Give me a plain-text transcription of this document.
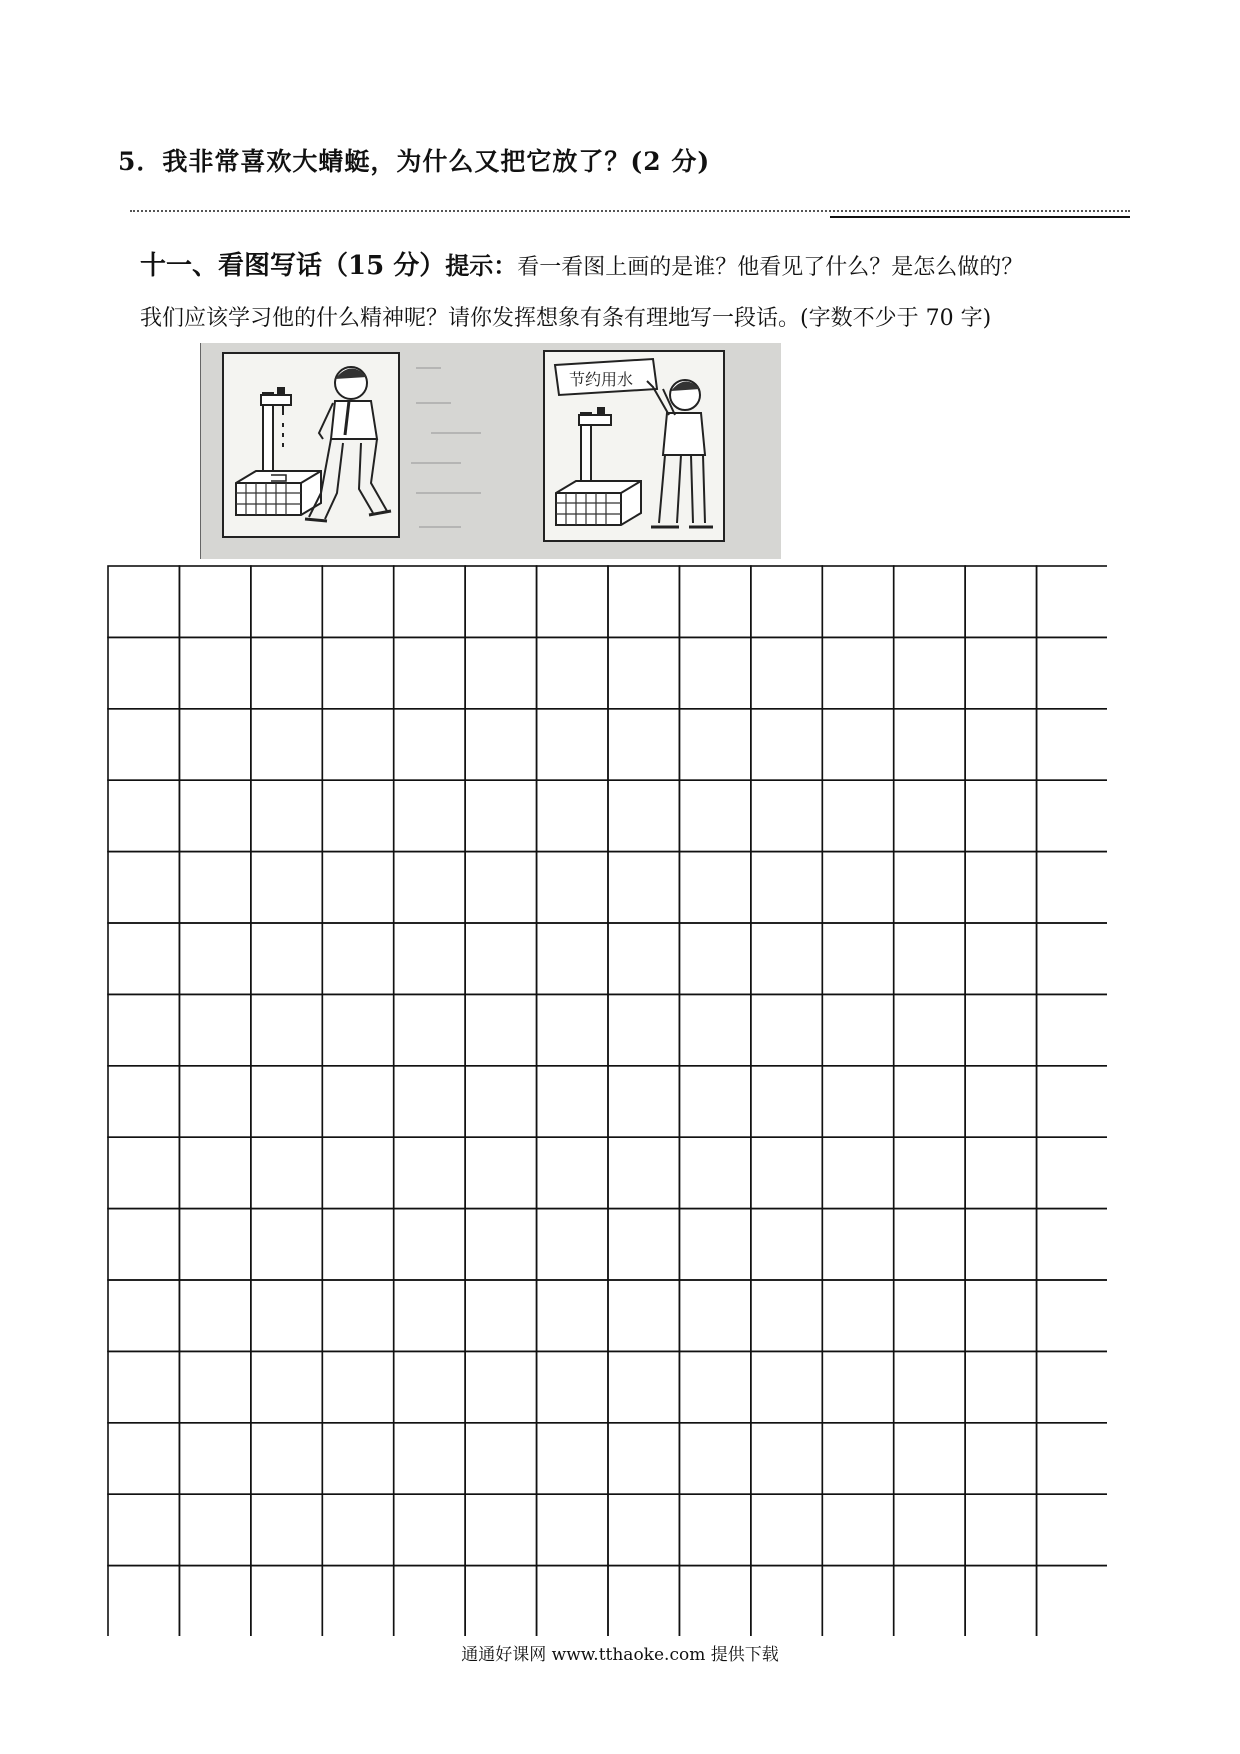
5．我非常喜欢大蜻蜓，为什么又把它放了？(2 分)
十一、看图写话（15 分）提示：看一看图上画的是谁？他看见了什么？是怎么做的？
我们应该学习他的什么精神呢？请你发挥想象有条有理地写一段话。(字数不少于 70 字)
节约用水
通通好课网 www.tthaoke.com 提供下载
